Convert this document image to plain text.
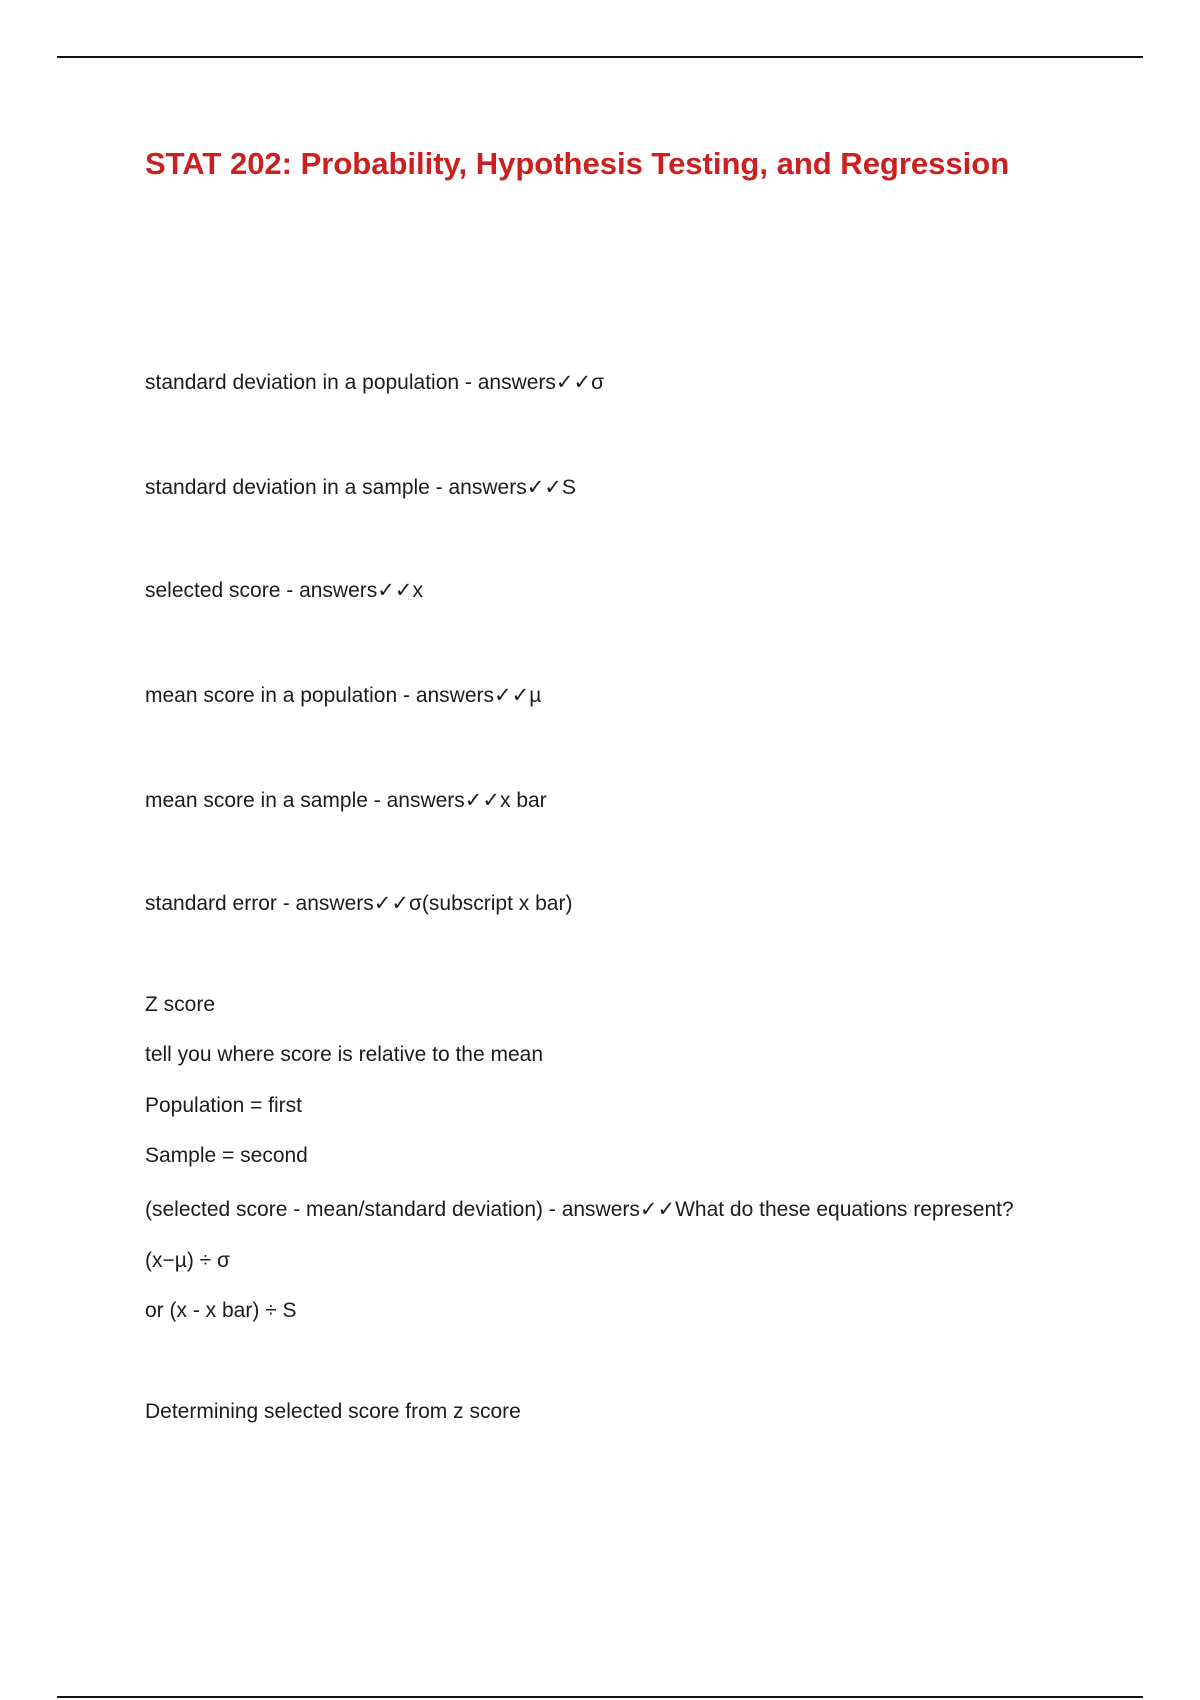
STAT 202: Probability, Hypothesis Testing, and Regression

standard deviation in a population - answers✓✓σ

standard deviation in a sample - answers✓✓S

selected score - answers✓✓x

mean score in a population - answers✓✓µ

mean score in a sample - answers✓✓x bar

standard error - answers✓✓σ(subscript x bar)

Z score

tell you where score is relative to the mean

Population = first

Sample = second

(selected score - mean/standard deviation) - answers✓✓What do these equations represent?

(x−µ) ÷ σ

or (x - x bar) ÷ S

Determining selected score from z score
